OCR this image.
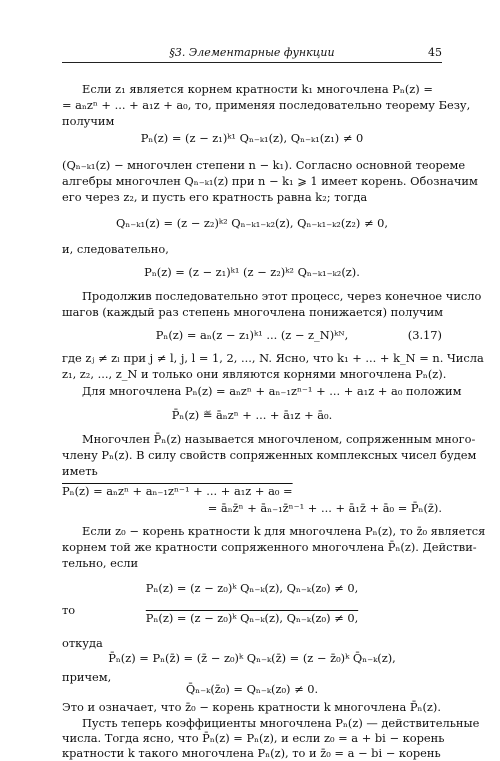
§3. Элементарные функции	45
Если z₁ является корнем кратности k₁ многочлена Pₙ(z) =
= aₙzⁿ + ... + a₁z + a₀, то, применяя последовательно теорему Безу,
получим
Pₙ(z) = (z − z₁)ᵏ¹ Qₙ₋ₖ₁(z), Qₙ₋ₖ₁(z₁) ≠ 0
(Qₙ₋ₖ₁(z) − многочлен степени n − k₁). Согласно основной теореме
алгебры многочлен Qₙ₋ₖ₁(z) при n − k₁ ⩾ 1 имеет корень. Обозначим
его через z₂, и пусть его кратность равна k₂; тогда
Qₙ₋ₖ₁(z) = (z − z₂)ᵏ² Qₙ₋ₖ₁₋ₖ₂(z), Qₙ₋ₖ₁₋ₖ₂(z₂) ≠ 0,
и, следовательно,
Pₙ(z) = (z − z₁)ᵏ¹ (z − z₂)ᵏ² Qₙ₋ₖ₁₋ₖ₂(z).
Продолжив последовательно этот процесс, через конечное число
шагов (каждый раз степень многочлена понижается) получим
Pₙ(z) = aₙ(z − z₁)ᵏ¹ ... (z − z_N)ᵏᴺ,	(3.17)
где zⱼ ≠ zₗ при j ≠ l, j, l = 1, 2, ..., N. Ясно, что k₁ + ... + k_N = n. Числа
z₁, z₂, ..., z_N и только они являются корнями многочлена Pₙ(z).
Для многочлена Pₙ(z) = aₙzⁿ + aₙ₋₁zⁿ⁻¹ + ... + a₁z + a₀ положим
P̄ₙ(z) ≝ āₙzⁿ + ... + ā₁z + ā₀.
Многочлен P̄ₙ(z) называется многочленом, сопряженным много-
члену Pₙ(z). В силу свойств сопряженных комплексных чисел будем
иметь
Pₙ(z) = aₙzⁿ + aₙ₋₁zⁿ⁻¹ + ... + a₁z + a₀ =
= āₙz̄ⁿ + āₙ₋₁z̄ⁿ⁻¹ + ... + ā₁z̄ + ā₀ = P̄ₙ(z̄).
Если z₀ − корень кратности k для многочлена Pₙ(z), то z̄₀ является
корнем той же кратности сопряженного многочлена P̄ₙ(z). Действи-
тельно, если
Pₙ(z) = (z − z₀)ᵏ Qₙ₋ₖ(z), Qₙ₋ₖ(z₀) ≠ 0,
то
Pₙ(z) = (z − z₀)ᵏ Qₙ₋ₖ(z), Qₙ₋ₖ(z₀) ≠ 0,
откуда
P̄ₙ(z) = Pₙ(z̄) = (z̄ − z₀)ᵏ Qₙ₋ₖ(z̄) = (z − z̄₀)ᵏ Q̄ₙ₋ₖ(z),
причем,
Q̄ₙ₋ₖ(z̄₀) = Qₙ₋ₖ(z₀) ≠ 0.
Это и означает, что z̄₀ − корень кратности k многочлена P̄ₙ(z).
Пусть теперь коэффициенты многочлена Pₙ(z) — действительные
числа. Тогда ясно, что P̄ₙ(z) = Pₙ(z), и если z₀ = a + bi − корень
кратности k такого многочлена Pₙ(z), то и z̄₀ = a − bi − корень
